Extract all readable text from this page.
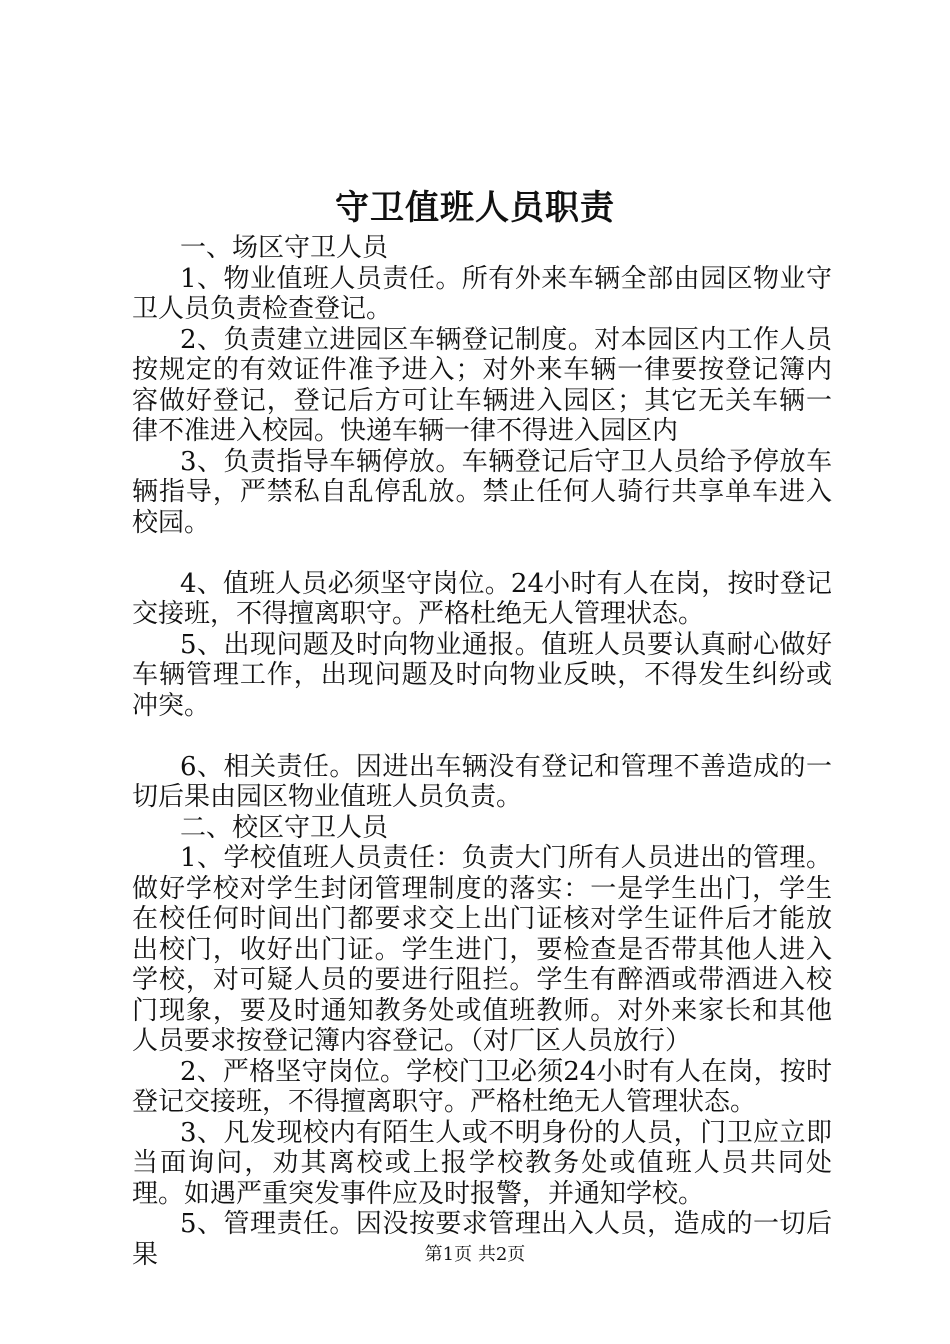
守卫值班人员职责

一、场区守卫人员

1、物业值班人员责任。所有外来车辆全部由园区物业守卫人员负责检查登记。

2、负责建立进园区车辆登记制度。对本园区内工作人员按规定的有效证件准予进入；对外来车辆一律要按登记簿内容做好登记，登记后方可让车辆进入园区；其它无关车辆一律不准进入校园。快递车辆一律不得进入园区内

3、负责指导车辆停放。车辆登记后守卫人员给予停放车辆指导，严禁私自乱停乱放。禁止任何人骑行共享单车进入校园。

4、值班人员必须坚守岗位。24小时有人在岗，按时登记交接班，不得擅离职守。严格杜绝无人管理状态。

5、出现问题及时向物业通报。值班人员要认真耐心做好车辆管理工作，出现问题及时向物业反映，不得发生纠纷或冲突。

6、相关责任。因进出车辆没有登记和管理不善造成的一切后果由园区物业值班人员负责。

二、校区守卫人员

1、学校值班人员责任：负责大门所有人员进出的管理。做好学校对学生封闭管理制度的落实：一是学生出门，学生在校任何时间出门都要求交上出门证核对学生证件后才能放出校门，收好出门证。学生进门，要检查是否带其他人进入学校，对可疑人员的要进行阻拦。学生有醉酒或带酒进入校门现象，要及时通知教务处或值班教师。对外来家长和其他人员要求按登记簿内容登记。（对厂区人员放行）

2、严格坚守岗位。学校门卫必须24小时有人在岗，按时登记交接班，不得擅离职守。严格杜绝无人管理状态。

3、凡发现校内有陌生人或不明身份的人员，门卫应立即当面询问，劝其离校或上报学校教务处或值班人员共同处理。如遇严重突发事件应及时报警，并通知学校。

5、管理责任。因没按要求管理出入人员，造成的一切后果	第1页 共2页
